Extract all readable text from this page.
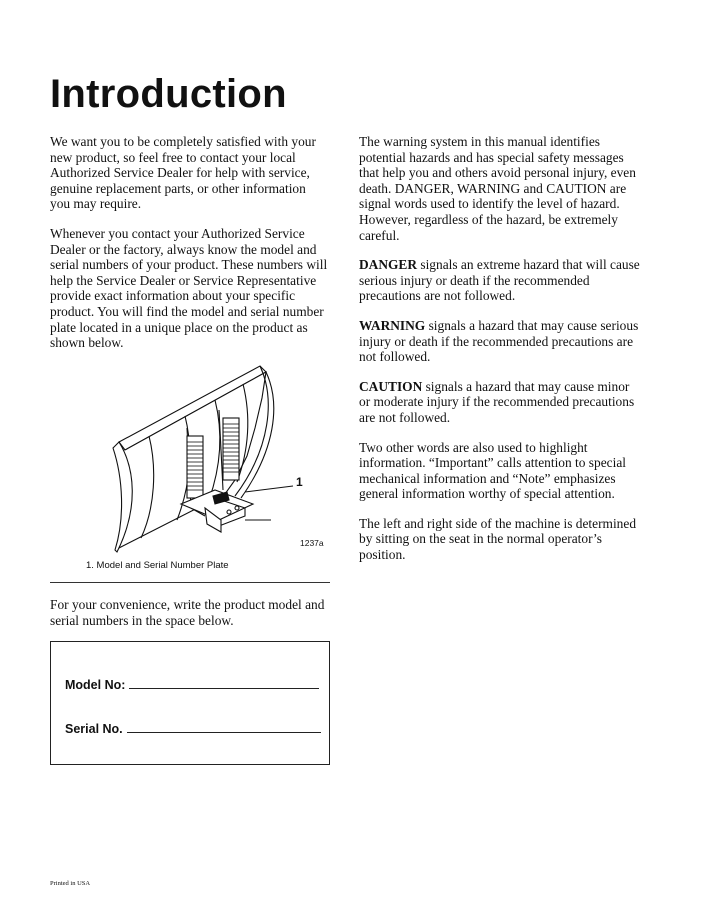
Introduction

We want you to be completely satisfied with your new product, so feel free to contact your local Authorized Service Dealer for help with service, genuine replacement parts, or other information you may require.

Whenever you contact your Authorized Service Dealer or the factory, always know the model and serial numbers of your product. These numbers will help the Service Dealer or Service Representative provide exact information about your specific product. You will find the model and serial number plate located in a unique place on the product as shown below.

1
1237a
1. Model and Serial Number Plate

For your convenience, write the product model and serial numbers in the space below.

Model No:
Serial No.

The warning system in this manual identifies potential hazards and has special safety messages that help you and others avoid personal injury, even death. DANGER, WARNING and CAUTION are signal words used to identify the level of hazard. However, regardless of the hazard, be extremely careful.

DANGER signals an extreme hazard that will cause serious injury or death if the recommended precautions are not followed.

WARNING signals a hazard that may cause serious injury or death if the recommended precautions are not followed.

CAUTION signals a hazard that may cause minor or moderate injury if the recommended precautions are not followed.

Two other words are also used to highlight information. “Important” calls attention to special mechanical information and “Note” emphasizes general information worthy of special attention.

The left and right side of the machine is determined by sitting on the seat in the normal operator’s position.

Printed in USA
